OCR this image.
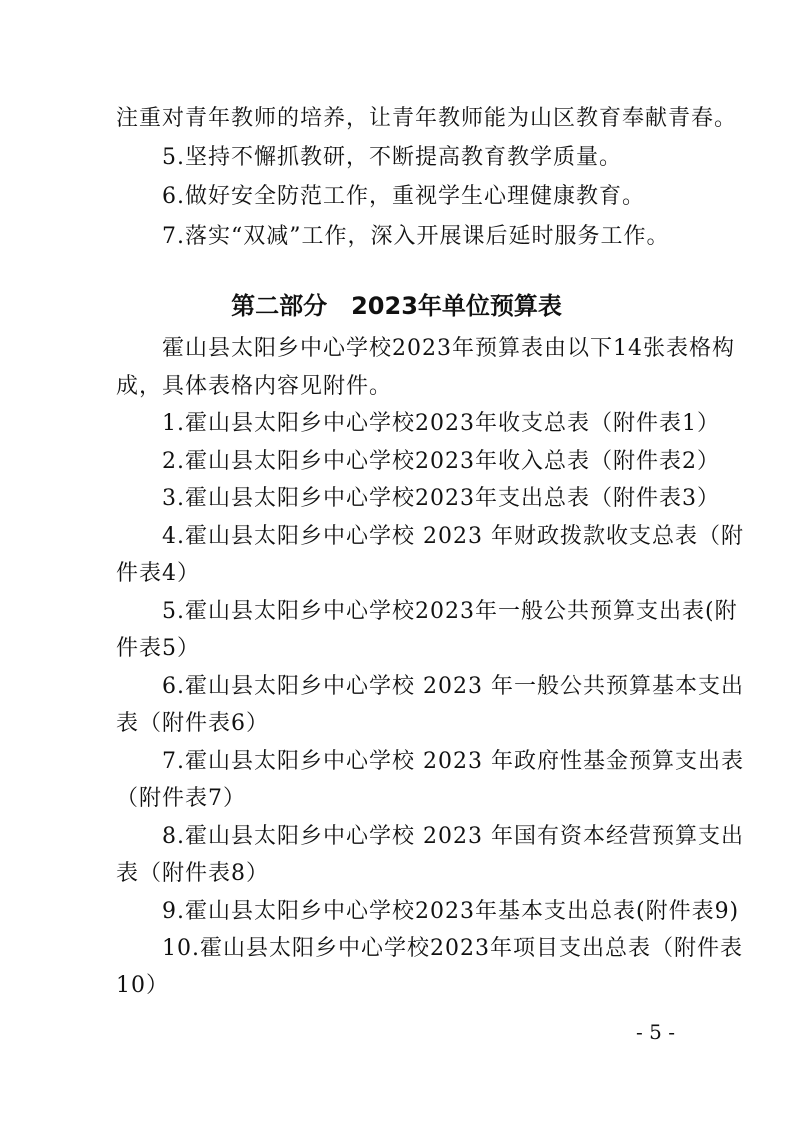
注重对青年教师的培养，让青年教师能为山区教育奉献青春。
5.坚持不懈抓教研，不断提高教育教学质量。
6.做好安全防范工作，重视学生心理健康教育。
7.落实“双减”工作，深入开展课后延时服务工作。
第二部分　2023年单位预算表
霍山县太阳乡中心学校2023年预算表由以下14张表格构
成，具体表格内容见附件。
1.霍山县太阳乡中心学校2023年收支总表（附件表1）
2.霍山县太阳乡中心学校2023年收入总表（附件表2）
3.霍山县太阳乡中心学校2023年支出总表（附件表3）
4.霍山县太阳乡中心学校 2023 年财政拨款收支总表（附
件表4）
5.霍山县太阳乡中心学校2023年一般公共预算支出表(附
件表5）
6.霍山县太阳乡中心学校 2023 年一般公共预算基本支出
表（附件表6）
7.霍山县太阳乡中心学校 2023 年政府性基金预算支出表
（附件表7）
8.霍山县太阳乡中心学校 2023 年国有资本经营预算支出
表（附件表8）
9.霍山县太阳乡中心学校2023年基本支出总表(附件表9)
10.霍山县太阳乡中心学校2023年项目支出总表（附件表
10）
- 5 -
